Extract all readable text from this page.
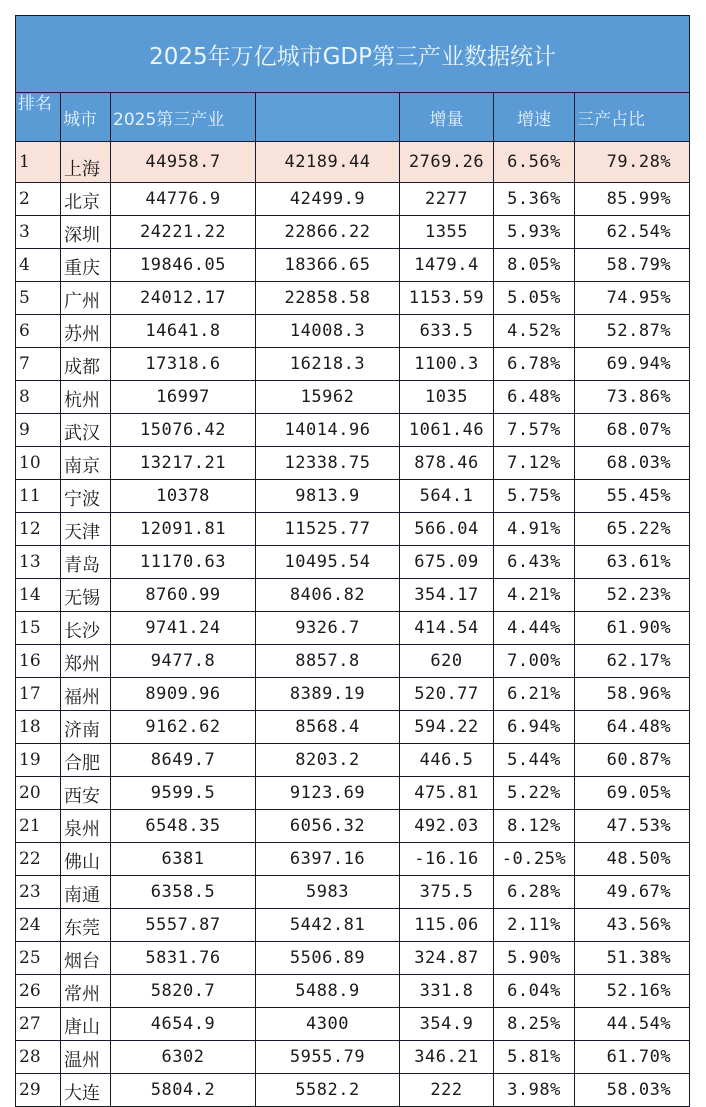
2025年万亿城市GDP第三产业数据统计						
排名	城市	2025第三产业		增量	增速	三产占比
1	上海	44958.7	42189.44	2769.26	6.56%	79.28%
2	北京	44776.9	42499.9	2277	5.36%	85.99%
3	深圳	24221.22	22866.22	1355	5.93%	62.54%
4	重庆	19846.05	18366.65	1479.4	8.05%	58.79%
5	广州	24012.17	22858.58	1153.59	5.05%	74.95%
6	苏州	14641.8	14008.3	633.5	4.52%	52.87%
7	成都	17318.6	16218.3	1100.3	6.78%	69.94%
8	杭州	16997	15962	1035	6.48%	73.86%
9	武汉	15076.42	14014.96	1061.46	7.57%	68.07%
10	南京	13217.21	12338.75	878.46	7.12%	68.03%
11	宁波	10378	9813.9	564.1	5.75%	55.45%
12	天津	12091.81	11525.77	566.04	4.91%	65.22%
13	青岛	11170.63	10495.54	675.09	6.43%	63.61%
14	无锡	8760.99	8406.82	354.17	4.21%	52.23%
15	长沙	9741.24	9326.7	414.54	4.44%	61.90%
16	郑州	9477.8	8857.8	620	7.00%	62.17%
17	福州	8909.96	8389.19	520.77	6.21%	58.96%
18	济南	9162.62	8568.4	594.22	6.94%	64.48%
19	合肥	8649.7	8203.2	446.5	5.44%	60.87%
20	西安	9599.5	9123.69	475.81	5.22%	69.05%
21	泉州	6548.35	6056.32	492.03	8.12%	47.53%
22	佛山	6381	6397.16	-16.16	-0.25%	48.50%
23	南通	6358.5	5983	375.5	6.28%	49.67%
24	东莞	5557.87	5442.81	115.06	2.11%	43.56%
25	烟台	5831.76	5506.89	324.87	5.90%	51.38%
26	常州	5820.7	5488.9	331.8	6.04%	52.16%
27	唐山	4654.9	4300	354.9	8.25%	44.54%
28	温州	6302	5955.79	346.21	5.81%	61.70%
29	大连	5804.2	5582.2	222	3.98%	58.03%
